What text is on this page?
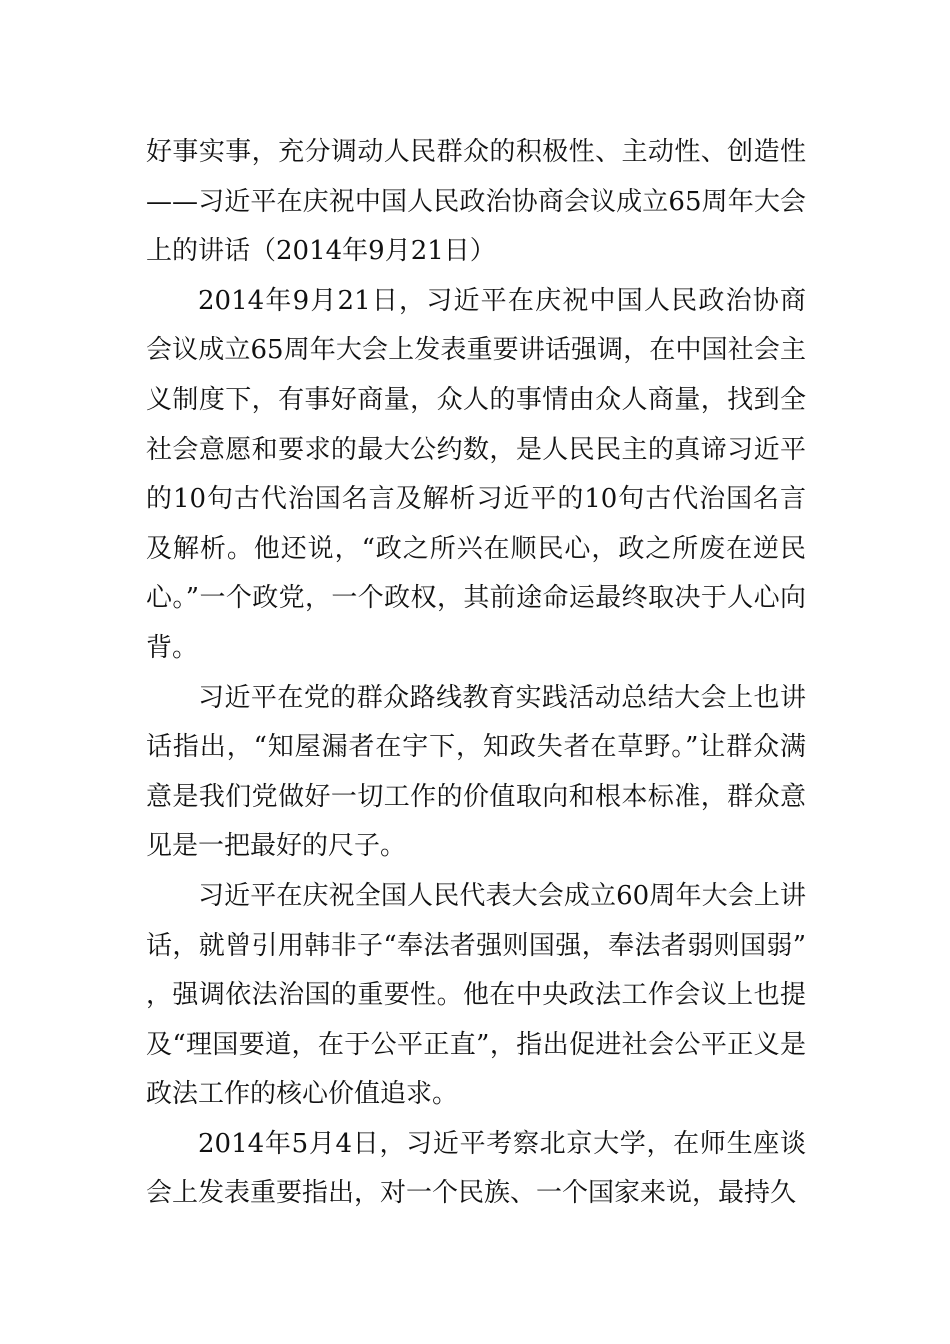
好事实事，充分调动人民群众的积极性、主动性、创造性——习近平在庆祝中国人民政治协商会议成立65周年大会上的讲话（2014年9月21日）

2014年9月21日，习近平在庆祝中国人民政治协商会议成立65周年大会上发表重要讲话强调，在中国社会主义制度下，有事好商量，众人的事情由众人商量，找到全社会意愿和要求的最大公约数，是人民民主的真谛习近平的10句古代治国名言及解析习近平的10句古代治国名言及解析。他还说，“政之所兴在顺民心，政之所废在逆民心。”一个政党，一个政权，其前途命运最终取决于人心向背。

习近平在党的群众路线教育实践活动总结大会上也讲话指出，“知屋漏者在宇下，知政失者在草野。”让群众满意是我们党做好一切工作的价值取向和根本标准，群众意见是一把最好的尺子。

习近平在庆祝全国人民代表大会成立60周年大会上讲话，就曾引用韩非子“奉法者强则国强，奉法者弱则国弱”，强调依法治国的重要性。他在中央政法工作会议上也提及“理国要道，在于公平正直”，指出促进社会公平正义是政法工作的核心价值追求。

2014年5月4日，习近平考察北京大学，在师生座谈会上发表重要指出，对一个民族、一个国家来说，最持久
